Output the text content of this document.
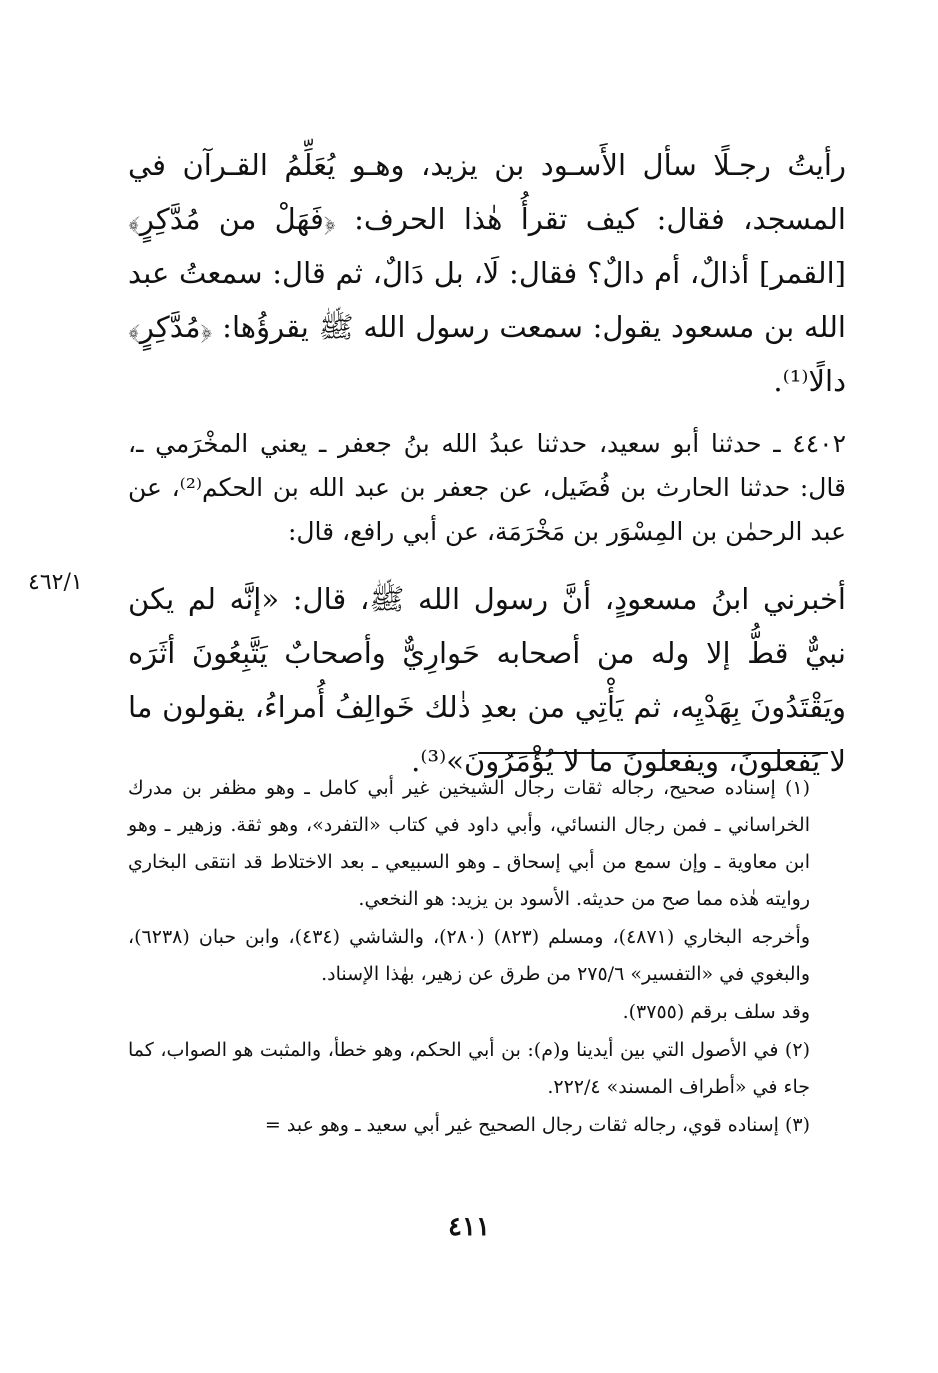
رأيتُ رجـلًا سأل الأَسـود بن يزيد، وهـو يُعَلِّمُ القـرآن في المسجد، فقال: كيف تقرأُ هٰذا الحرف: ﴿فَهَلْ من مُدَّكِرٍ﴾ [القمر] أذالٌ، أم دالٌ؟ فقال: لَا، بل دَالٌ، ثم قال: سمعتُ عبد الله بن مسعود يقول: سمعت رسول الله ﷺ يقرؤُها: ﴿مُدَّكِرٍ﴾ دالًا⁽¹⁾.

٤٤٠٢ ـ حدثنا أبو سعيد، حدثنا عبدُ الله بنُ جعفر ـ يعني المخْرَمي ـ، قال: حدثنا الحارث بن فُضَيل، عن جعفر بن عبد الله بن الحكم⁽²⁾، عن عبد الرحمٰن بن المِسْوَر بن مَخْرَمَة، عن أبي رافع، قال:

أخبرني ابنُ مسعودٍ، أنَّ رسول الله ﷺ، قال: «إنَّه لم يكن نبيٌّ قطُّ إلا وله من أصحابه حَوارِيٌّ وأصحابٌ يَتَّبِعُونَ أثَرَه ويَقْتَدُونَ بِهَدْيِه، ثم يَأْتِي من بعدِ ذٰلك خَوالِفُ أُمراءُ، يقولون ما لا يَفعلونَ، ويفعلونَ ما لا يُؤْمَرُونَ»⁽³⁾.

٤٦٢/١

(١) إسناده صحيح، رجاله ثقات رجال الشيخين غير أبي كامل ـ وهو مظفر بن مدرك الخراساني ـ فمن رجال النسائي، وأبي داود في كتاب «التفرد»، وهو ثقة. وزهير ـ وهو ابن معاوية ـ وإن سمع من أبي إسحاق ـ وهو السبيعي ـ بعد الاختلاط قد انتقى البخاري روايته هٰذه مما صح من حديثه. الأسود بن يزيد: هو النخعي.

وأخرجه البخاري (٤٨٧١)، ومسلم (٨٢٣) (٢٨٠)، والشاشي (٤٣٤)، وابن حبان (٦٢٣٨)، والبغوي في «التفسير» ٢٧٥/٦ من طرق عن زهير، بهٰذا الإسناد.

وقد سلف برقم (٣٧٥٥).

(٢) في الأصول التي بين أيدينا و(م): بن أبي الحكم، وهو خطأ، والمثبت هو الصواب، كما جاء في «أطراف المسند» ٢٢٢/٤.

(٣) إسناده قوي، رجاله ثقات رجال الصحيح غير أبي سعيد ـ وهو عبد =

٤١١
